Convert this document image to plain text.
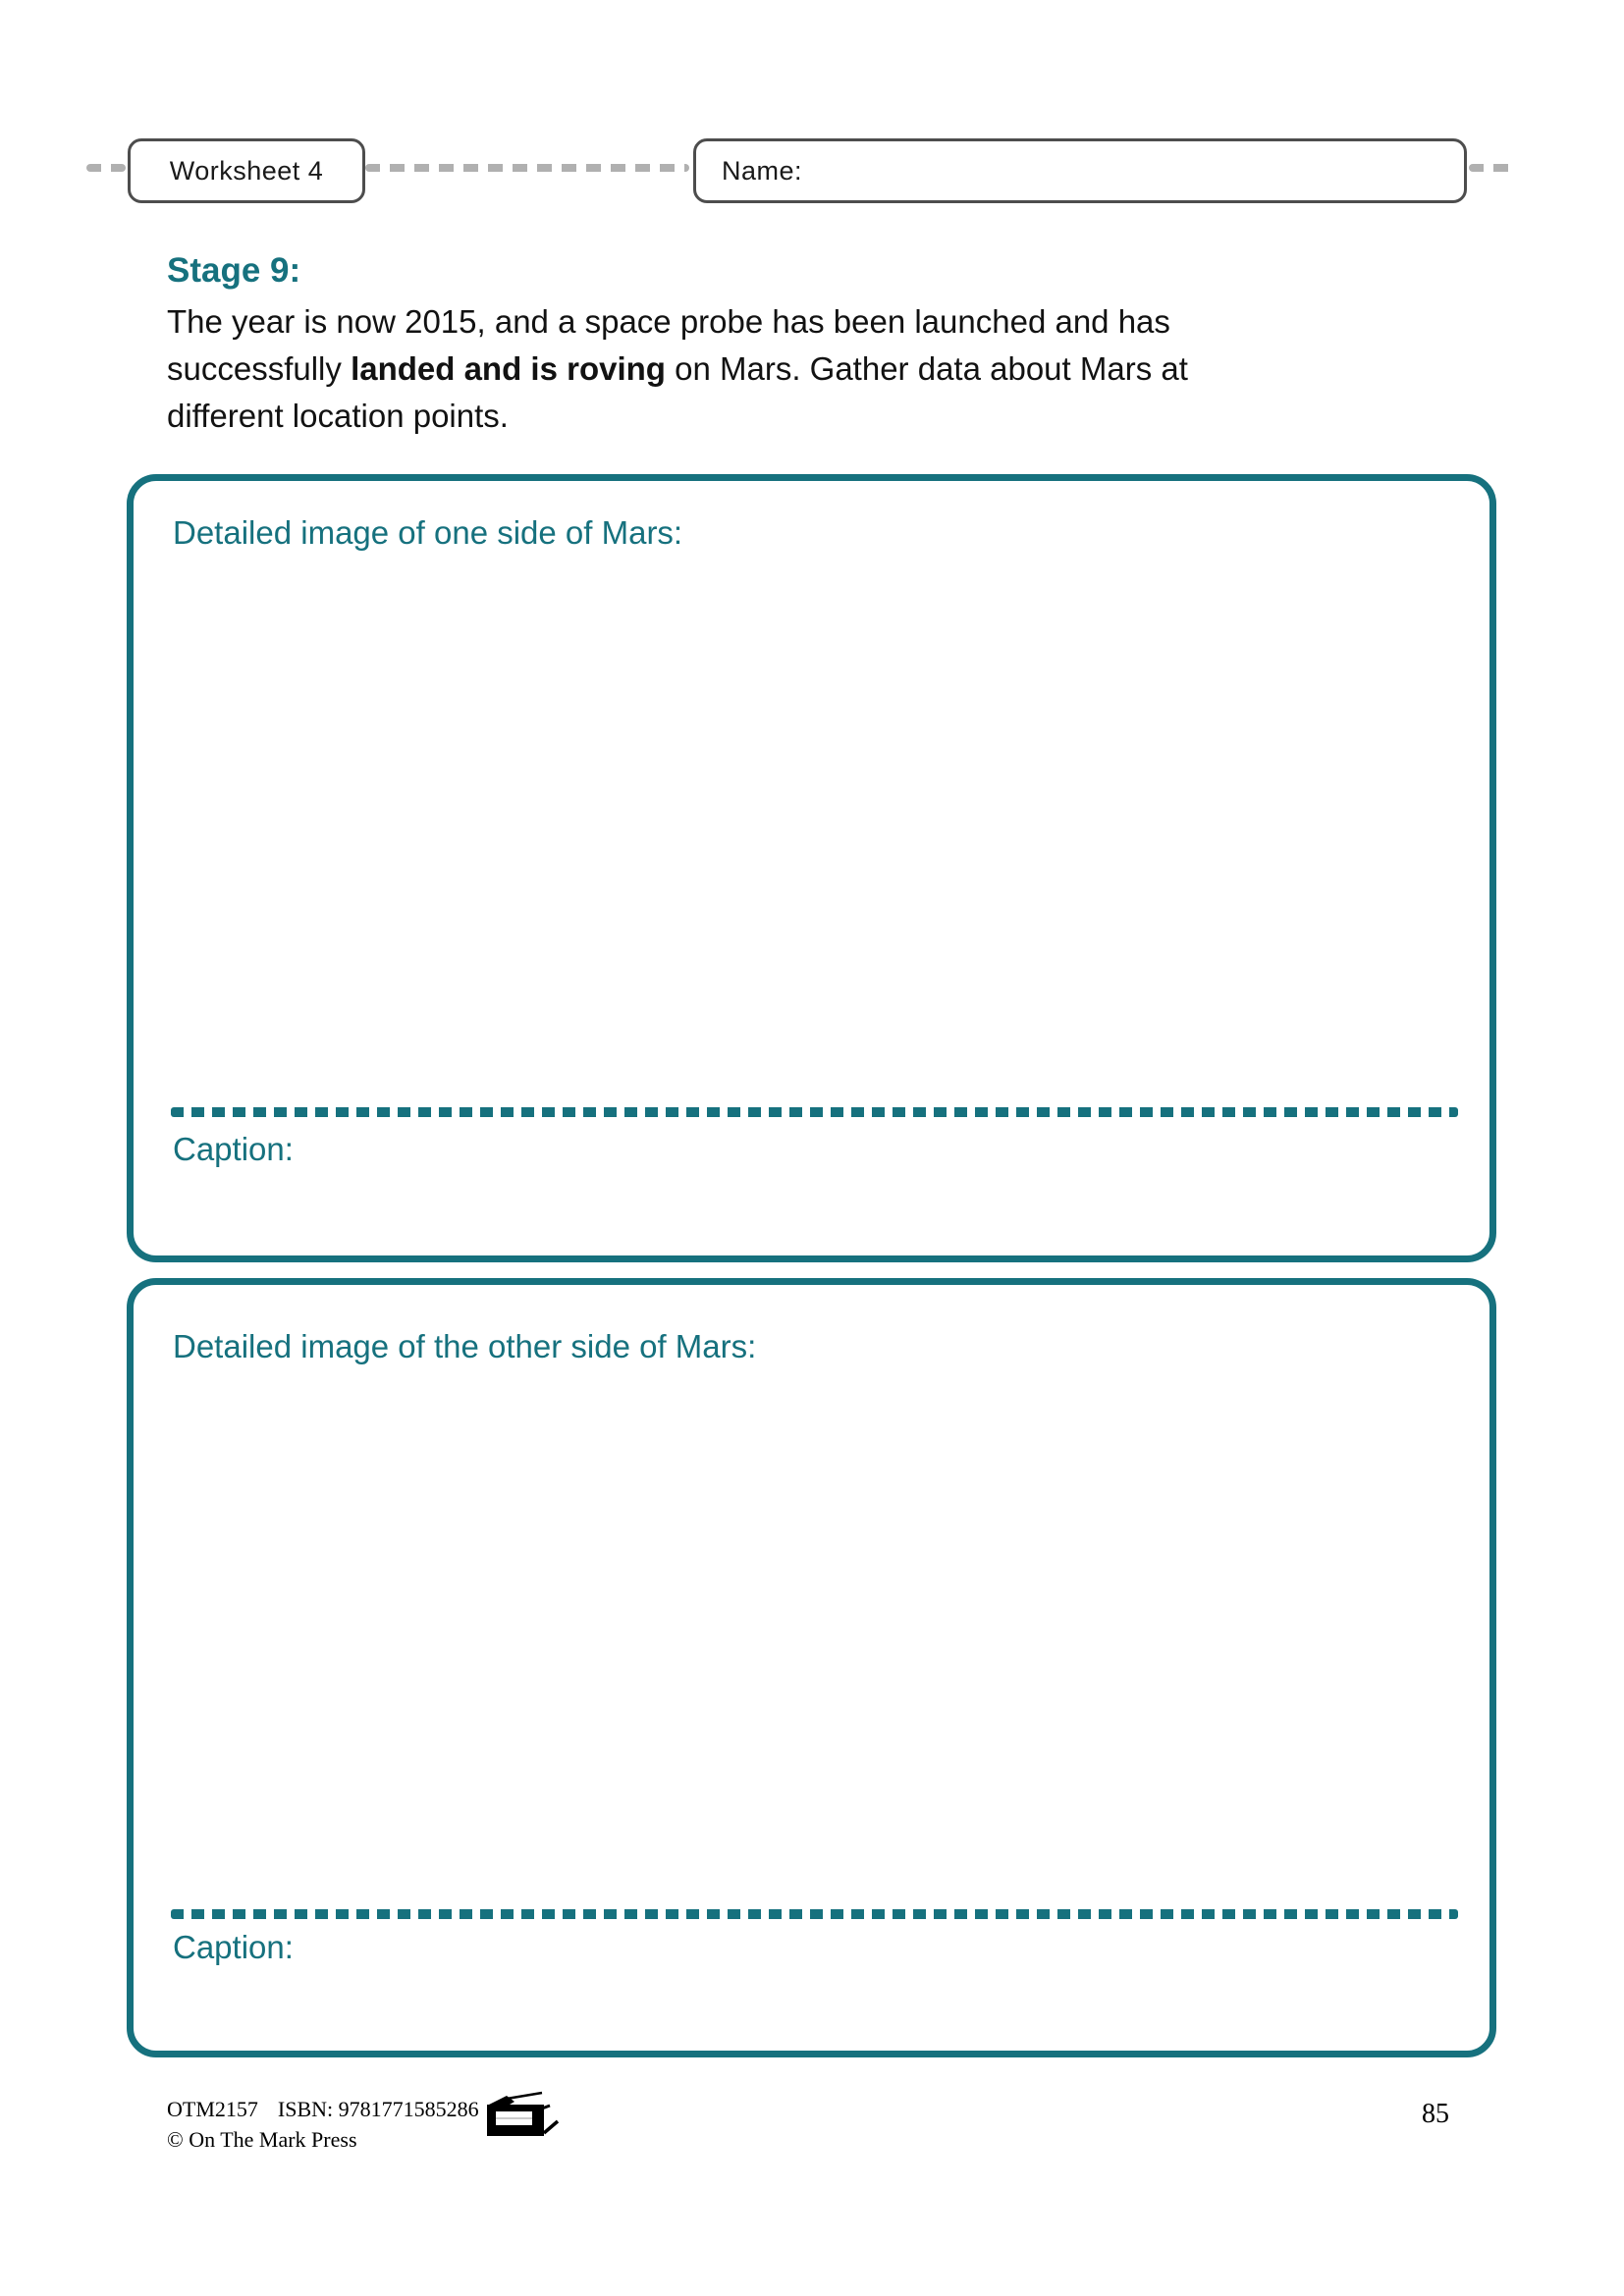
Worksheet 4	Name:
Stage 9:
The year is now 2015, and a space probe has been launched and has
successfully landed and is roving on Mars. Gather data about Mars at
different location points.
Detailed image of one side of Mars:
Caption:
Detailed image of the other side of Mars:
Caption:
OTM2157 ISBN: 9781771585286
© On The Mark Press
85
